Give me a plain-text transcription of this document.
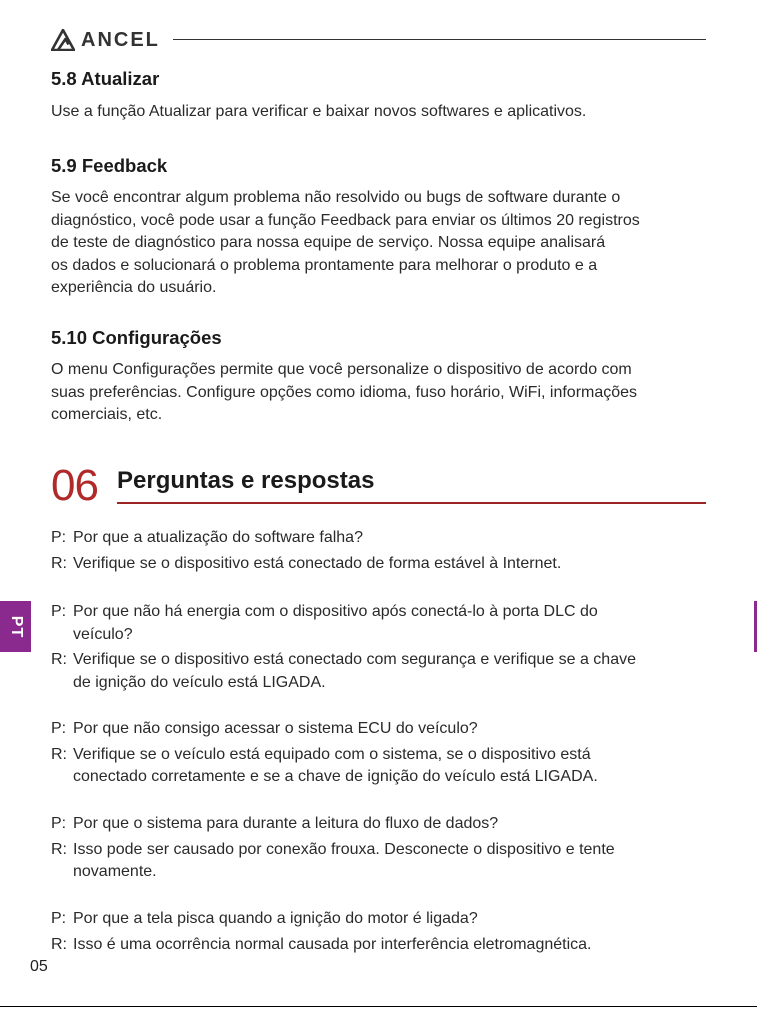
ANCEL
5.8 Atualizar

Use a função Atualizar para verificar e baixar novos softwares e aplicativos.

5.9 Feedback
Se você encontrar algum problema não resolvido ou bugs de software durante o
diagnóstico, você pode usar a função Feedback para enviar os últimos 20 registros
de teste de diagnóstico para nossa equipe de serviço. Nossa equipe analisará
os dados e solucionará o problema prontamente para melhorar o produto e a
experiência do usuário.
5.10 Configurações
O menu Configurações permite que você personalize o dispositivo de acordo com
suas preferências. Configure opções como idioma, fuso horário, WiFi, informações
comerciais, etc.
06 Perguntas e respostas
P: Por que a atualização do software falha?
R: Verifique se o dispositivo está conectado de forma estável à Internet.
P: Por que não há energia com o dispositivo após conectá-lo à porta DLC do
veículo?
R: Verifique se o dispositivo está conectado com segurança e verifique se a chave
de ignição do veículo está LIGADA.
P: Por que não consigo acessar o sistema ECU do veículo?
R: Verifique se o veículo está equipado com o sistema, se o dispositivo está
conectado corretamente e se a chave de ignição do veículo está LIGADA.
P: Por que o sistema para durante a leitura do fluxo de dados?
R: Isso pode ser causado por conexão frouxa. Desconecte o dispositivo e tente
novamente.
P: Por que a tela pisca quando a ignição do motor é ligada?
R: Isso é uma ocorrência normal causada por interferência eletromagnética.
PT
05
